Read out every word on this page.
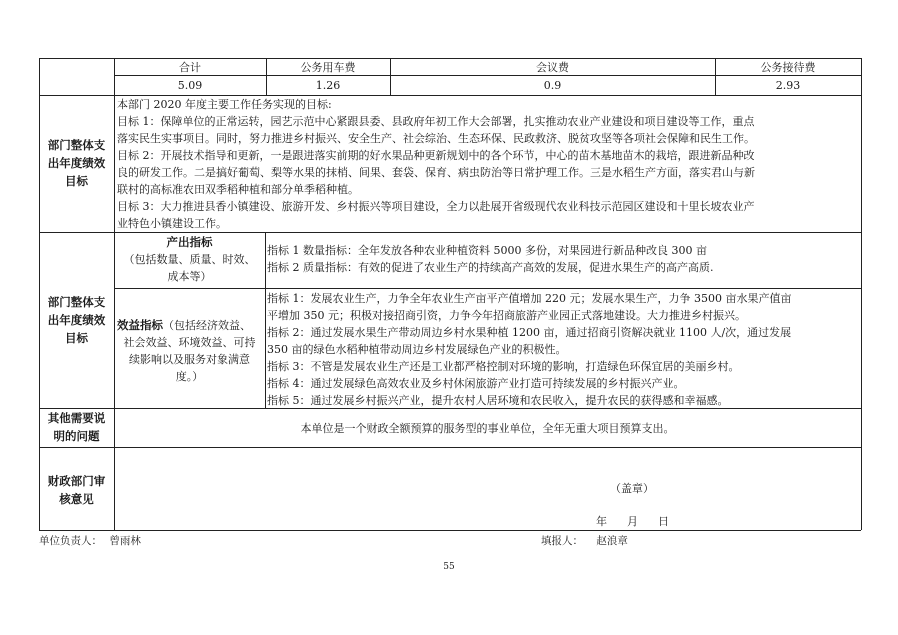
合计	公务用车费	会议费	公务接待费
5.09	1.26	0.9	2.93
部门整体支
出年度绩效
目标
本部门 2020 年度主要工作任务实现的目标:
目标 1：保障单位的正常运转，园艺示范中心紧跟县委、县政府年初工作大会部署，扎实推动农业产业建设和项目建设等工作，重点
落实民生实事项目。同时，努力推进乡村振兴、安全生产、社会综治、生态环保、民政救济、脱贫攻坚等各项社会保障和民生工作。
目标 2：开展技术指导和更新，一是跟进落实前期的好水果品种更新规划中的各个环节，中心的苗木基地苗木的栽培，跟进新品种改
良的研发工作。二是搞好葡萄、梨等水果的抹梢、间果、套袋、保育、病虫防治等日常护理工作。三是水稻生产方面，落实君山与新
联村的高标准农田双季稻种植和部分单季稻种植。
目标 3：大力推进县香小镇建设、旅游开发、乡村振兴等项目建设，全力以赴展开省级现代农业科技示范园区建设和十里长坡农业产
业特色小镇建设工作。
部门整体支
出年度绩效
目标
产出指标
（包括数量、质量、时效、
成本等）
指标 1 数量指标：全年发放各种农业种植资料 5000 多份，对果园进行新品种改良 300 亩
指标 2 质量指标：有效的促进了农业生产的持续高产高效的发展，促进水果生产的高产高质.
效益指标（包括经济效益、
社会效益、环境效益、可持
续影响以及服务对象满意
度。）
指标 1：发展农业生产，力争全年农业生产亩平产值增加 220 元；发展水果生产，力争 3500 亩水果产值亩
平增加 350 元；积极对接招商引资，力争今年招商旅游产业园正式落地建设。大力推进乡村振兴。
指标 2：通过发展水果生产带动周边乡村水果种植 1200 亩，通过招商引资解决就业 1100 人/次，通过发展
350 亩的绿色水稻种植带动周边乡村发展绿色产业的积极性。
指标 3：不管是发展农业生产还是工业都严格控制对环境的影响，打造绿色环保宜居的美丽乡村。
指标 4：通过发展绿色高效农业及乡村休闲旅游产业打造可持续发展的乡村振兴产业。
指标 5：通过发展乡村振兴产业，提升农村人居环境和农民收入，提升农民的获得感和幸福感。
其他需要说
明的问题
本单位是一个财政全额预算的服务型的事业单位，全年无重大项目预算支出。
财政部门审
核意见
（盖章）
年 月 日
单位负责人： 曾雨林	填报人： 赵浪章
55
